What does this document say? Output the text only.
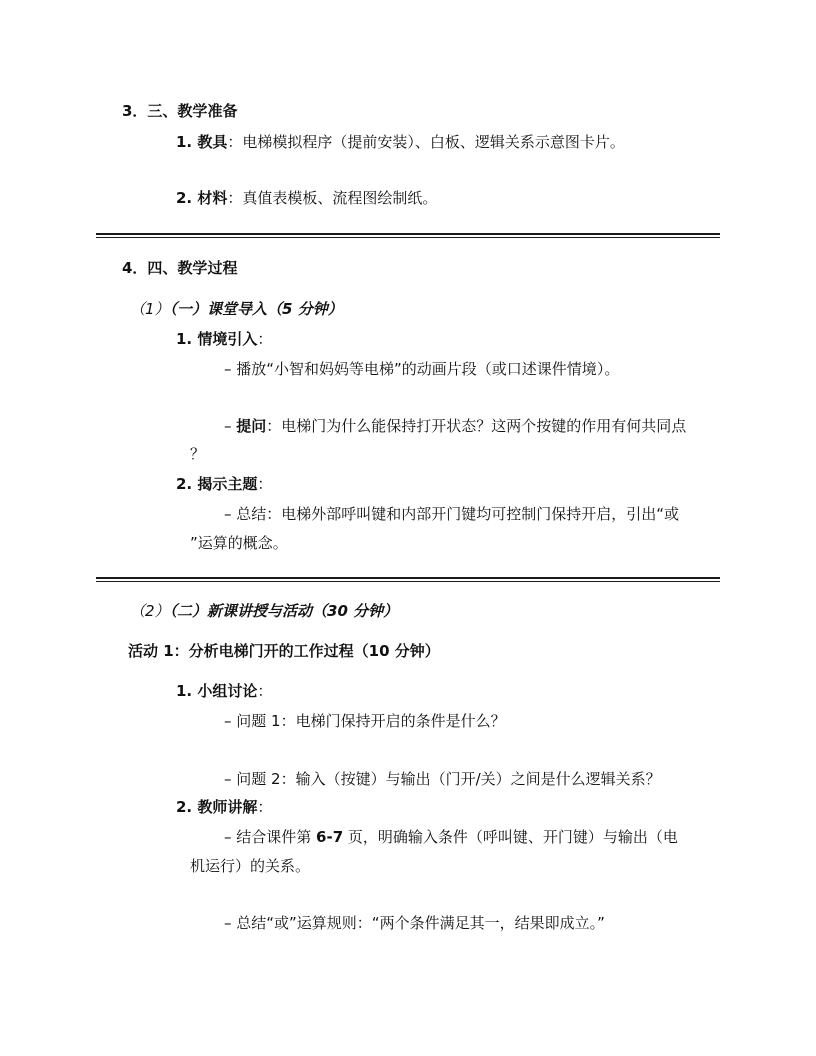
3．三、教学准备
1. 教具：电梯模拟程序（提前安装）、白板、逻辑关系示意图卡片。
2. 材料：真值表模板、流程图绘制纸。
4．四、教学过程
（1）（一）课堂导入（5 分钟）
1. 情境引入：
– 播放“小智和妈妈等电梯”的动画片段（或口述课件情境）。
– 提问：电梯门为什么能保持打开状态？这两个按键的作用有何共同点
？
2. 揭示主题：
– 总结：电梯外部呼叫键和内部开门键均可控制门保持开启，引出“或
”运算的概念。
（2）（二）新课讲授与活动（30 分钟）
活动 1：分析电梯门开的工作过程（10 分钟）
1. 小组讨论：
– 问题 1：电梯门保持开启的条件是什么？
– 问题 2：输入（按键）与输出（门开/关）之间是什么逻辑关系？
2. 教师讲解：
– 结合课件第 6-7 页，明确输入条件（呼叫键、开门键）与输出（电
机运行）的关系。
– 总结“或”运算规则：“两个条件满足其一，结果即成立。”
